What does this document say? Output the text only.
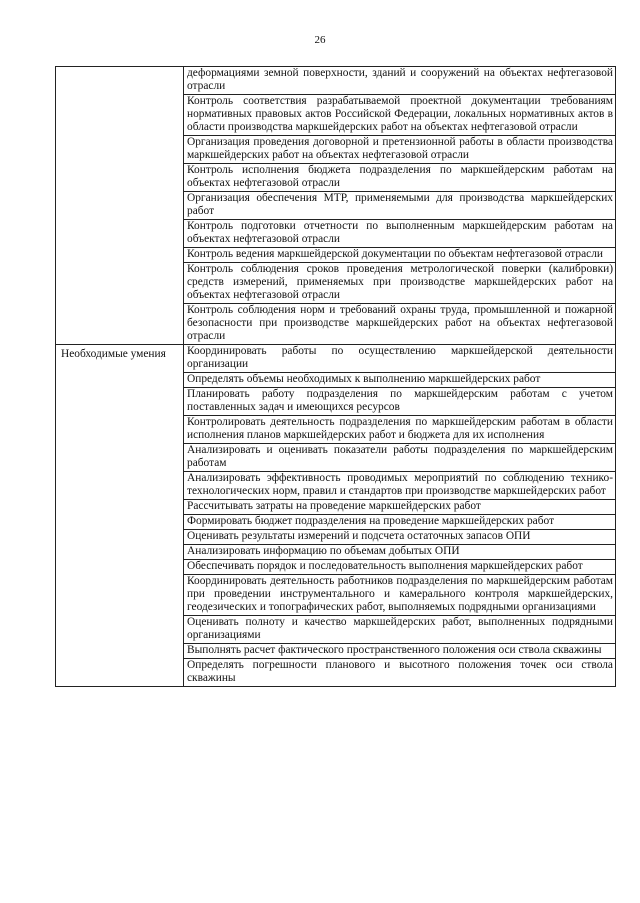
26
	деформациями земной поверхности, зданий и сооружений на объектах нефтегазовой отрасли
	Контроль соответствия разрабатываемой проектной документации требованиям нормативных правовых актов Российской Федерации, локальных нормативных актов в области производства маркшейдерских работ на объектах нефтегазовой отрасли
	Организация проведения договорной и претензионной работы в области производства маркшейдерских работ на объектах нефтегазовой отрасли
	Контроль исполнения бюджета подразделения по маркшейдерским работам на объектах нефтегазовой отрасли
	Организация обеспечения МТР, применяемыми для производства маркшейдерских работ
	Контроль подготовки отчетности по выполненным маркшейдерским работам на объектах нефтегазовой отрасли
	Контроль ведения маркшейдерской документации по объектам нефтегазовой отрасли
	Контроль соблюдения сроков проведения метрологической поверки (калибровки) средств измерений, применяемых при производстве маркшейдерских работ на объектах нефтегазовой отрасли
	Контроль соблюдения норм и требований охраны труда, промышленной и пожарной безопасности при производстве маркшейдерских работ на объектах нефтегазовой отрасли
Необходимые умения	Координировать работы по осуществлению маркшейдерской деятельности организации
	Определять объемы необходимых к выполнению маркшейдерских работ
	Планировать работу подразделения по маркшейдерским работам с учетом поставленных задач и имеющихся ресурсов
	Контролировать деятельность подразделения по маркшейдерским работам в области исполнения планов маркшейдерских работ и бюджета для их исполнения
	Анализировать и оценивать показатели работы подразделения по маркшейдерским работам
	Анализировать эффективность проводимых мероприятий по соблюдению технико-технологических норм, правил и стандартов при производстве маркшейдерских работ
	Рассчитывать затраты на проведение маркшейдерских работ
	Формировать бюджет подразделения на проведение маркшейдерских работ
	Оценивать результаты измерений и подсчета остаточных запасов ОПИ
	Анализировать информацию по объемам добытых ОПИ
	Обеспечивать порядок и последовательность выполнения маркшейдерских работ
	Координировать деятельность работников подразделения по маркшейдерским работам при проведении инструментального и камерального контроля маркшейдерских, геодезических и топографических работ, выполняемых подрядными организациями
	Оценивать полноту и качество маркшейдерских работ, выполненных подрядными организациями
	Выполнять расчет фактического пространственного положения оси ствола скважины
	Определять погрешности планового и высотного положения точек оси ствола скважины
